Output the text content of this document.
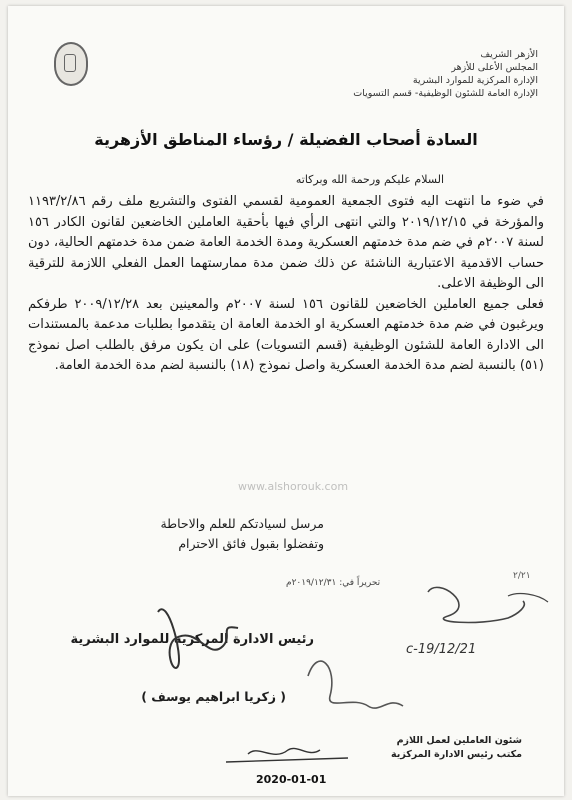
الأزهر الشريف
المجلس الأعلى للأزهر
الإدارة المركزية للموارد البشرية
الإدارة العامة للشئون الوظيفية- قسم التسويات
السادة أصحاب الفضيلة / رؤساء المناطق الأزهرية
السلام عليكم ورحمة الله وبركاته

في ضوء ما انتهت اليه فتوى الجمعية العمومية لقسمي الفتوى والتشريع ملف رقم ١١٩٣/٢/٨٦ والمؤرخة في ٢٠١٩/١٢/١٥ والتي انتهى الرأي فيها بأحقية العاملين الخاضعين لقانون الكادر ١٥٦ لسنة ٢٠٠٧م في ضم مدة خدمتهم العسكرية ومدة الخدمة العامة ضمن مدة خدمتهم الحالية، دون حساب الاقدمية الاعتبارية الناشئة عن ذلك ضمن مدة ممارستهما العمل الفعلي اللازمة للترقية الى الوظيفة الاعلى.

فعلى جميع العاملين الخاضعين للقانون ١٥٦ لسنة ٢٠٠٧م والمعينين بعد ٢٠٠٩/١٢/٢٨ طرفكم ويرغبون في ضم مدة خدمتهم العسكرية او الخدمة العامة ان يتقدموا بطلبات مدعمة بالمستندات الى الادارة العامة للشئون الوظيفية (قسم التسويات) على ان يكون مرفق بالطلب اصل نموذج (٥١) بالنسبة لضم مدة الخدمة العسكرية واصل نموذج (١٨) بالنسبة لضم مدة الخدمة العامة.

www.alshorouk.com
مرسل لسيادتكم للعلم والاحاطة
وتفضلوا بقبول فائق الاحترام
تحريراً في: ٢٠١٩/١٢/٣١م
٢/٢١
رئيس الادارة المركزية للموارد البشرية
( زكريا ابراهيم يوسف )
c-19/12/21
شئون العاملين لعمل اللازم
مكتب رئيس الادارة المركزية
2020-01-01
